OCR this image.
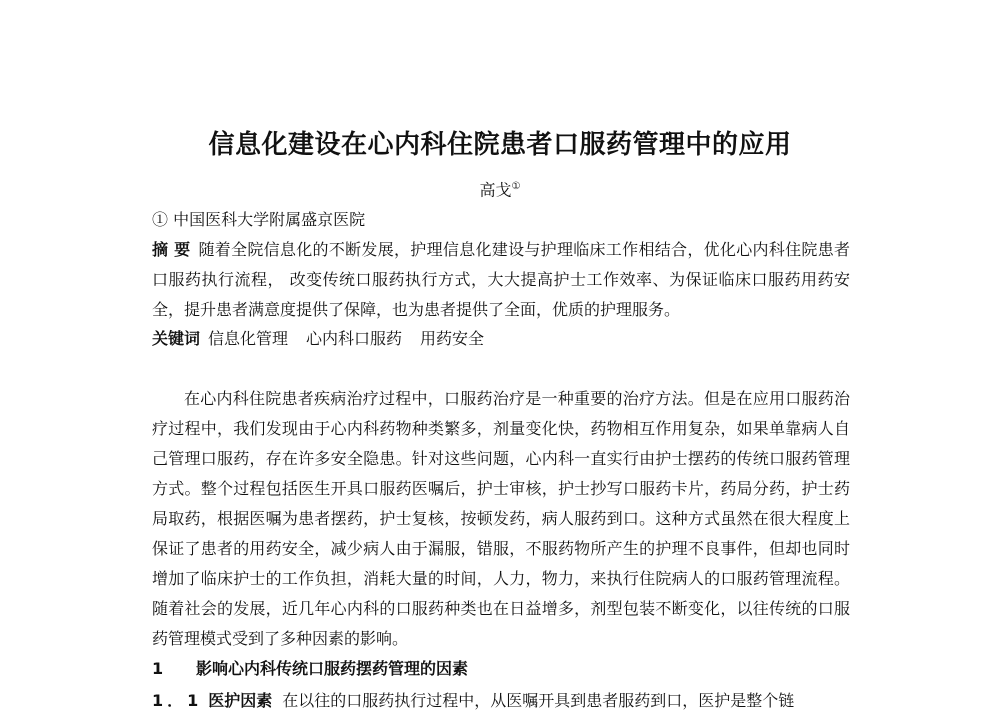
信息化建设在心内科住院患者口服药管理中的应用
高戈①
① 中国医科大学附属盛京医院
摘 要 随着全院信息化的不断发展，护理信息化建设与护理临床工作相结合，优化心内科住院患者口服药执行流程， 改变传统口服药执行方式，大大提高护士工作效率、为保证临床口服药用药安全，提升患者满意度提供了保障，也为患者提供了全面，优质的护理服务。
关键词 信息化管理 心内科口服药 用药安全
在心内科住院患者疾病治疗过程中，口服药治疗是一种重要的治疗方法。但是在应用口服药治疗过程中，我们发现由于心内科药物种类繁多，剂量变化快，药物相互作用复杂，如果单靠病人自己管理口服药，存在许多安全隐患。针对这些问题，心内科一直实行由护士摆药的传统口服药管理方式。整个过程包括医生开具口服药医嘱后，护士审核，护士抄写口服药卡片，药局分药，护士药局取药，根据医嘱为患者摆药，护士复核，按顿发药，病人服药到口。这种方式虽然在很大程度上保证了患者的用药安全，减少病人由于漏服，错服，不服药物所产生的护理不良事件，但却也同时增加了临床护士的工作负担，消耗大量的时间，人力，物力，来执行住院病人的口服药管理流程。随着社会的发展，近几年心内科的口服药种类也在日益增多，剂型包装不断变化，以往传统的口服药管理模式受到了多种因素的影响。
1 影响心内科传统口服药摆药管理的因素
1．1 医护因素 在以往的口服药执行过程中，从医嘱开具到患者服药到口，医护是整个链
